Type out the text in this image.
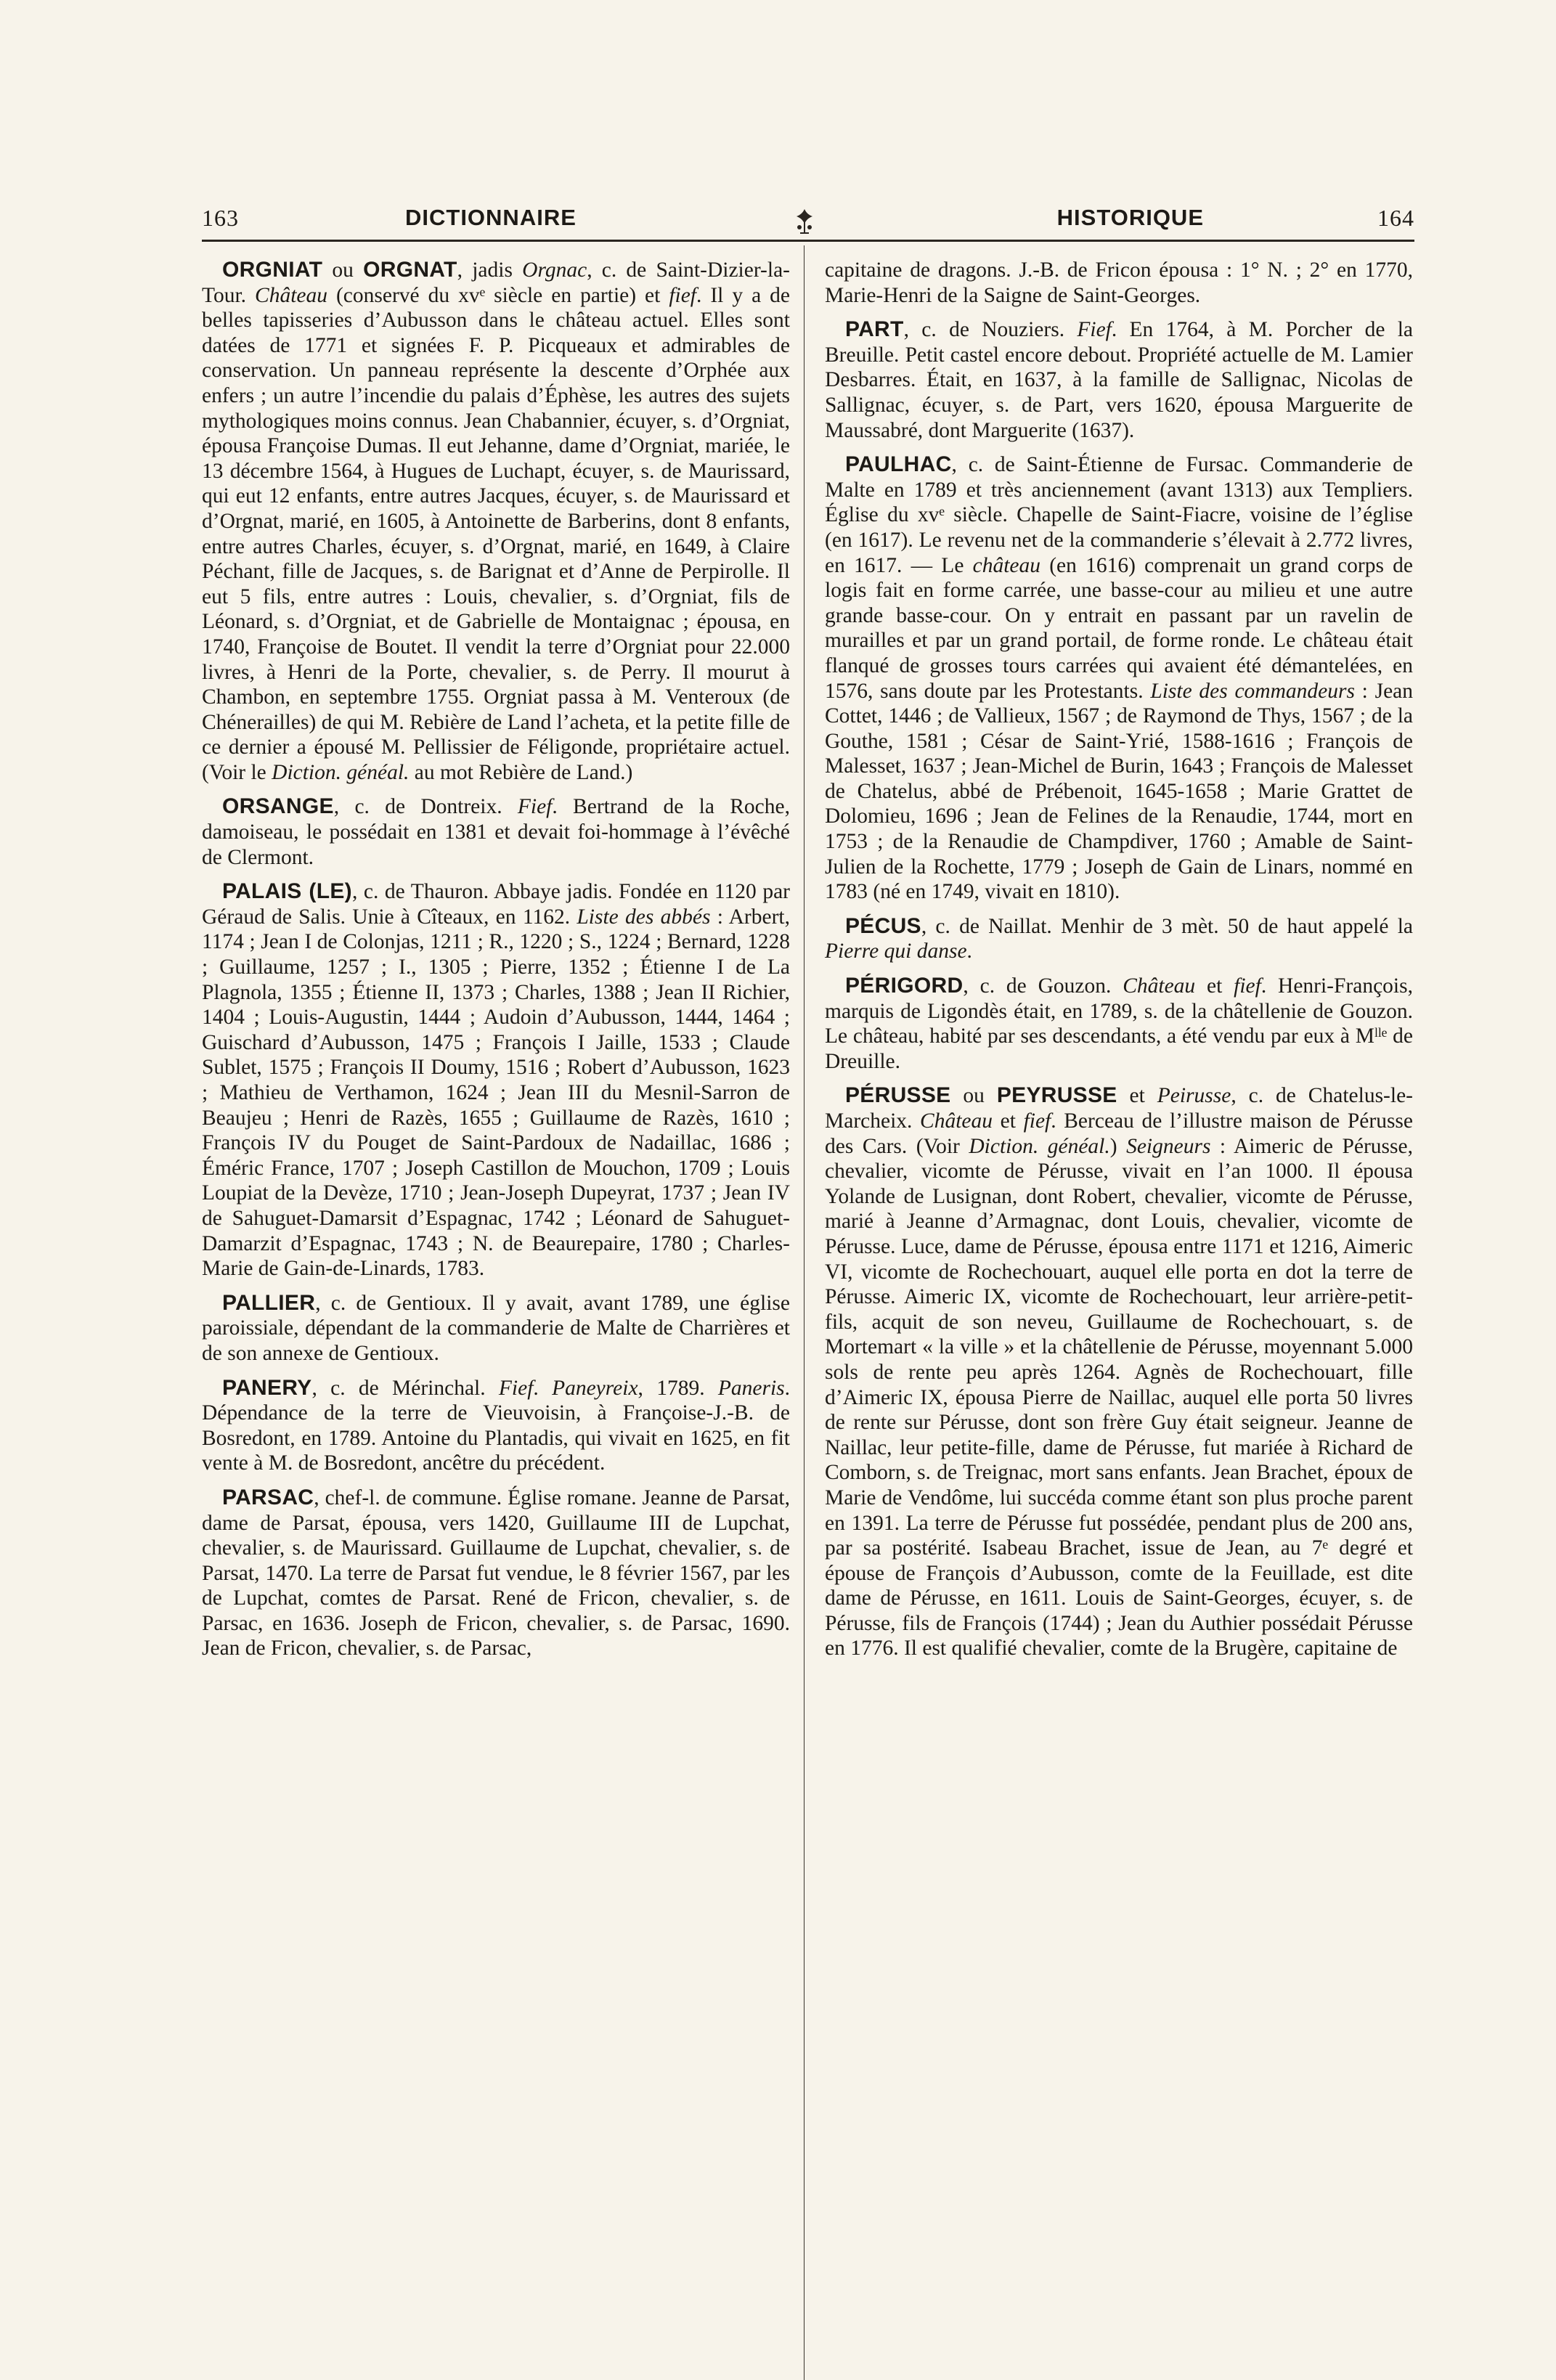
163	DICTIONNAIRE	HISTORIQUE	164

ORGNIAT ou ORGNAT, jadis Orgnac, c. de Saint-Dizier-la-Tour. Château (conservé du xvᵉ siècle en partie) et fief. Il y a de belles tapisseries d’Aubusson dans le château actuel. Elles sont datées de 1771 et signées F. P. Picqueaux et admirables de conservation. Un panneau représente la descente d’Orphée aux enfers ; un autre l’incendie du palais d’Éphèse, les autres des sujets mythologiques moins connus. Jean Chabannier, écuyer, s. d’Orgniat, épousa Françoise Dumas. Il eut Jehanne, dame d’Orgniat, mariée, le 13 décembre 1564, à Hugues de Luchapt, écuyer, s. de Maurissard, qui eut 12 enfants, entre autres Jacques, écuyer, s. de Maurissard et d’Orgnat, marié, en 1605, à Antoinette de Barberins, dont 8 enfants, entre autres Charles, écuyer, s. d’Orgnat, marié, en 1649, à Claire Péchant, fille de Jacques, s. de Barignat et d’Anne de Perpirolle. Il eut 5 fils, entre autres : Louis, chevalier, s. d’Orgniat, fils de Léonard, s. d’Orgniat, et de Gabrielle de Montaignac ; épousa, en 1740, Françoise de Boutet. Il vendit la terre d’Orgniat pour 22.000 livres, à Henri de la Porte, chevalier, s. de Perry. Il mourut à Chambon, en septembre 1755. Orgniat passa à M. Venteroux (de Chénerailles) de qui M. Rebière de Land l’acheta, et la petite fille de ce dernier a épousé M. Pellissier de Féligonde, propriétaire actuel. (Voir le Diction. généal. au mot Rebière de Land.)

ORSANGE, c. de Dontreix. Fief. Bertrand de la Roche, damoiseau, le possédait en 1381 et devait foi-hommage à l’évêché de Clermont.

PALAIS (LE), c. de Thauron. Abbaye jadis. Fondée en 1120 par Géraud de Salis. Unie à Cîteaux, en 1162. Liste des abbés : Arbert, 1174 ; Jean I de Colonjas, 1211 ; R., 1220 ; S., 1224 ; Bernard, 1228 ; Guillaume, 1257 ; I., 1305 ; Pierre, 1352 ; Étienne I de La Plagnola, 1355 ; Étienne II, 1373 ; Charles, 1388 ; Jean II Richier, 1404 ; Louis-Augustin, 1444 ; Audoin d’Aubusson, 1444, 1464 ; Guischard d’Aubusson, 1475 ; François I Jaille, 1533 ; Claude Sublet, 1575 ; François II Doumy, 1516 ; Robert d’Aubusson, 1623 ; Mathieu de Verthamon, 1624 ; Jean III du Mesnil-Sarron de Beaujeu ; Henri de Razès, 1655 ; Guillaume de Razès, 1610 ; François IV du Pouget de Saint-Pardoux de Nadaillac, 1686 ; Éméric France, 1707 ; Joseph Castillon de Mouchon, 1709 ; Louis Loupiat de la Devèze, 1710 ; Jean-Joseph Dupeyrat, 1737 ; Jean IV de Sahuguet-Damarsit d’Espagnac, 1742 ; Léonard de Sahuguet-Damarzit d’Espagnac, 1743 ; N. de Beaurepaire, 1780 ; Charles-Marie de Gain-de-Linards, 1783.

PALLIER, c. de Gentioux. Il y avait, avant 1789, une église paroissiale, dépendant de la commanderie de Malte de Charrières et de son annexe de Gentioux.

PANERY, c. de Mérinchal. Fief. Paneyreix, 1789. Paneris. Dépendance de la terre de Vieuvoisin, à Françoise-J.-B. de Bosredont, en 1789. Antoine du Plantadis, qui vivait en 1625, en fit vente à M. de Bosredont, ancêtre du précédent.

PARSAC, chef-l. de commune. Église romane. Jeanne de Parsat, dame de Parsat, épousa, vers 1420, Guillaume III de Lupchat, chevalier, s. de Maurissard. Guillaume de Lupchat, chevalier, s. de Parsat, 1470. La terre de Parsat fut vendue, le 8 février 1567, par les de Lupchat, comtes de Parsat. René de Fricon, chevalier, s. de Parsac, en 1636. Joseph de Fricon, chevalier, s. de Parsac, 1690. Jean de Fricon, chevalier, s. de Parsac,

capitaine de dragons. J.-B. de Fricon épousa : 1° N. ; 2° en 1770, Marie-Henri de la Saigne de Saint-Georges.

PART, c. de Nouziers. Fief. En 1764, à M. Porcher de la Breuille. Petit castel encore debout. Propriété actuelle de M. Lamier Desbarres. Était, en 1637, à la famille de Sallignac, Nicolas de Sallignac, écuyer, s. de Part, vers 1620, épousa Marguerite de Maussabré, dont Marguerite (1637).

PAULHAC, c. de Saint-Étienne de Fursac. Commanderie de Malte en 1789 et très anciennement (avant 1313) aux Templiers. Église du xvᵉ siècle. Chapelle de Saint-Fiacre, voisine de l’église (en 1617). Le revenu net de la commanderie s’élevait à 2.772 livres, en 1617. — Le château (en 1616) comprenait un grand corps de logis fait en forme carrée, une basse-cour au milieu et une autre grande basse-cour. On y entrait en passant par un ravelin de murailles et par un grand portail, de forme ronde. Le château était flanqué de grosses tours carrées qui avaient été démantelées, en 1576, sans doute par les Protestants. Liste des commandeurs : Jean Cottet, 1446 ; de Vallieux, 1567 ; de Raymond de Thys, 1567 ; de la Gouthe, 1581 ; César de Saint-Yrié, 1588-1616 ; François de Malesset, 1637 ; Jean-Michel de Burin, 1643 ; François de Malesset de Chatelus, abbé de Prébenoit, 1645-1658 ; Marie Grattet de Dolomieu, 1696 ; Jean de Felines de la Renaudie, 1744, mort en 1753 ; de la Renaudie de Champdiver, 1760 ; Amable de Saint-Julien de la Rochette, 1779 ; Joseph de Gain de Linars, nommé en 1783 (né en 1749, vivait en 1810).

PÉCUS, c. de Naillat. Menhir de 3 mèt. 50 de haut appelé la Pierre qui danse.

PÉRIGORD, c. de Gouzon. Château et fief. Henri-François, marquis de Ligondès était, en 1789, s. de la châtellenie de Gouzon. Le château, habité par ses descendants, a été vendu par eux à Mˡˡᵉ de Dreuille.

PÉRUSSE ou PEYRUSSE et Peirusse, c. de Chatelus-le-Marcheix. Château et fief. Berceau de l’illustre maison de Pérusse des Cars. (Voir Diction. généal.) Seigneurs : Aimeric de Pérusse, chevalier, vicomte de Pérusse, vivait en l’an 1000. Il épousa Yolande de Lusignan, dont Robert, chevalier, vicomte de Pérusse, marié à Jeanne d’Armagnac, dont Louis, chevalier, vicomte de Pérusse. Luce, dame de Pérusse, épousa entre 1171 et 1216, Aimeric VI, vicomte de Rochechouart, auquel elle porta en dot la terre de Pérusse. Aimeric IX, vicomte de Rochechouart, leur arrière-petit-fils, acquit de son neveu, Guillaume de Rochechouart, s. de Mortemart « la ville » et la châtellenie de Pérusse, moyennant 5.000 sols de rente peu après 1264. Agnès de Rochechouart, fille d’Aimeric IX, épousa Pierre de Naillac, auquel elle porta 50 livres de rente sur Pérusse, dont son frère Guy était seigneur. Jeanne de Naillac, leur petite-fille, dame de Pérusse, fut mariée à Richard de Comborn, s. de Treignac, mort sans enfants. Jean Brachet, époux de Marie de Vendôme, lui succéda comme étant son plus proche parent en 1391. La terre de Pérusse fut possédée, pendant plus de 200 ans, par sa postérité. Isabeau Brachet, issue de Jean, au 7ᵉ degré et épouse de François d’Aubusson, comte de la Feuillade, est dite dame de Pérusse, en 1611. Louis de Saint-Georges, écuyer, s. de Pérusse, fils de François (1744) ; Jean du Authier possédait Pérusse en 1776. Il est qualifié chevalier, comte de la Brugère, capitaine de
